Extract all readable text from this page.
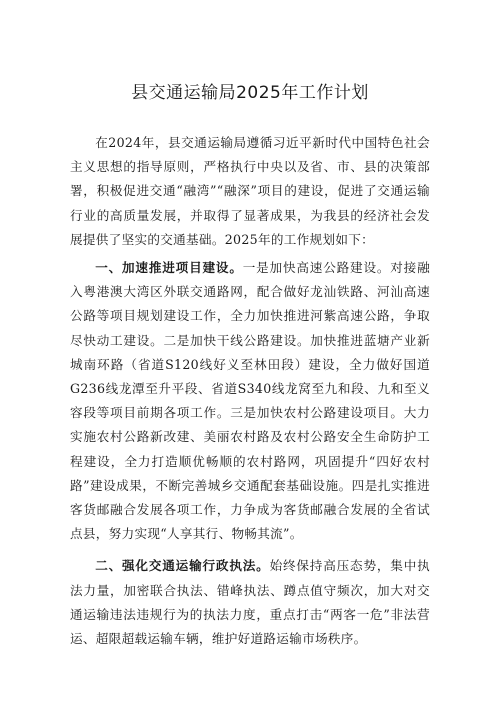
县交通运输局2025年工作计划

在2024年，县交通运输局遵循习近平新时代中国特色社会主义思想的指导原则，严格执行中央以及省、市、县的决策部署，积极促进交通“融湾”“融深”项目的建设，促进了交通运输行业的高质量发展，并取得了显著成果，为我县的经济社会发展提供了坚实的交通基础。2025年的工作规划如下：

一、加速推进项目建设。一是加快高速公路建设。对接融入粤港澳大湾区外联交通路网，配合做好龙汕铁路、河汕高速公路等项目规划建设工作，全力加快推进河紫高速公路，争取尽快动工建设。二是加快干线公路建设。加快推进蓝塘产业新城南环路（省道S120线好义至林田段）建设，全力做好国道G236线龙潭至升平段、省道S340线龙窝至九和段、九和至义容段等项目前期各项工作。三是加快农村公路建设项目。大力实施农村公路新改建、美丽农村路及农村公路安全生命防护工程建设，全力打造顺优畅顺的农村路网，巩固提升“四好农村路”建设成果，不断完善城乡交通配套基础设施。四是扎实推进客货邮融合发展各项工作，力争成为客货邮融合发展的全省试点县，努力实现“人享其行、物畅其流”。

二、强化交通运输行政执法。始终保持高压态势，集中执法力量，加密联合执法、错峰执法、蹲点值守频次，加大对交通运输违法违规行为的执法力度，重点打击“两客一危”非法营运、超限超载运输车辆，维护好道路运输市场秩序。
